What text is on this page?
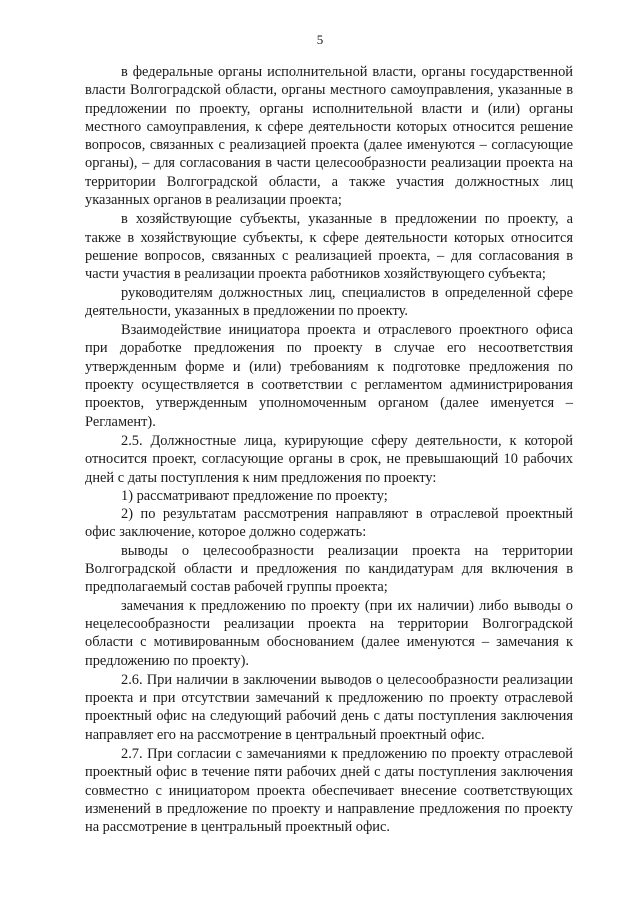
5

в федеральные органы исполнительной власти, органы государственной власти Волгоградской области, органы местного самоуправления, указанные в предложении по проекту, органы исполнительной власти и (или) органы местного самоуправления, к сфере деятельности которых относится решение вопросов, связанных с реализацией проекта (далее именуются – согласующие органы), – для согласования в части целесообразности реализации проекта на территории Волгоградской области, а также участия должностных лиц указанных органов в реализации проекта;

в хозяйствующие субъекты, указанные в предложении по проекту, а также в хозяйствующие субъекты, к сфере деятельности которых относится решение вопросов, связанных с реализацией проекта, – для согласования в части участия в реализации проекта работников хозяйствующего субъекта;

руководителям должностных лиц, специалистов в определенной сфере деятельности, указанных в предложении по проекту.

Взаимодействие инициатора проекта и отраслевого проектного офиса при доработке предложения по проекту в случае его несоответствия утвержденным форме и (или) требованиям к подготовке предложения по проекту осуществляется в соответствии с регламентом администрирования проектов, утвержденным уполномоченным органом (далее именуется – Регламент).

2.5. Должностные лица, курирующие сферу деятельности, к которой относится проект, согласующие органы в срок, не превышающий 10 рабочих дней с даты поступления к ним предложения по проекту:

1) рассматривают предложение по проекту;

2) по результатам рассмотрения направляют в отраслевой проектный офис заключение, которое должно содержать:

выводы о целесообразности реализации проекта на территории Волгоградской области и предложения по кандидатурам для включения в предполагаемый состав рабочей группы проекта;

замечания к предложению по проекту (при их наличии) либо выводы о нецелесообразности реализации проекта на территории Волгоградской области с мотивированным обоснованием (далее именуются – замечания к предложению по проекту).

2.6. При наличии в заключении выводов о целесообразности реализации проекта и при отсутствии замечаний к предложению по проекту отраслевой проектный офис на следующий рабочий день с даты поступления заключения направляет его на рассмотрение в центральный проектный офис.

2.7. При согласии с замечаниями к предложению по проекту отраслевой проектный офис в течение пяти рабочих дней с даты поступления заключения совместно с инициатором проекта обеспечивает внесение соответствующих изменений в предложение по проекту и направление предложения по проекту на рассмотрение в центральный проектный офис.
